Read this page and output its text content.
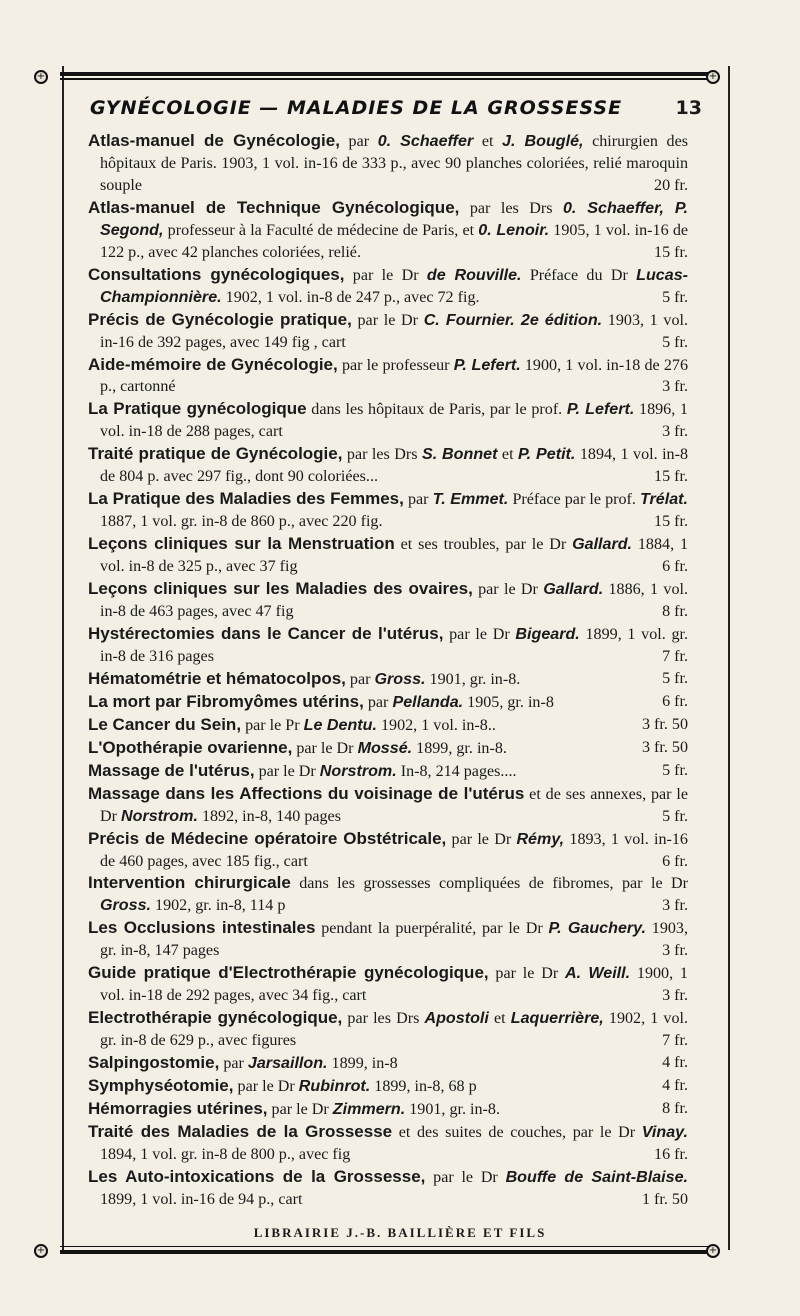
+	+
GYNÉCOLOGIE — MALADIES DE LA GROSSESSE	13

Atlas-manuel de Gynécologie, par 0. Schaeffer et J. Bouglé, chirurgien des hôpitaux de Paris. 1903, 1 vol. in-16 de 333 p., avec 90 planches coloriées, relié maroquin souple	20 fr.

Atlas-manuel de Technique Gynécologique, par les Drs 0. Schaeffer, P. Segond, professeur à la Faculté de médecine de Paris, et 0. Lenoir. 1905, 1 vol. in-16 de 122 p., avec 42 planches coloriées, relié.	15 fr.

Consultations gynécologiques, par le Dr de Rouville. Préface du Dr Lucas-Championnière. 1902, 1 vol. in-8 de 247 p., avec 72 fig.	5 fr.

Précis de Gynécologie pratique, par le Dr C. Fournier. 2e édition. 1903, 1 vol. in-16 de 392 pages, avec 149 fig , cart	5 fr.

Aide-mémoire de Gynécologie, par le professeur P. Lefert. 1900, 1 vol. in-18 de 276 p., cartonné	3 fr.

La Pratique gynécologique dans les hôpitaux de Paris, par le prof. P. Lefert. 1896, 1 vol. in-18 de 288 pages, cart	3 fr.

Traité pratique de Gynécologie, par les Drs S. Bonnet et P. Petit. 1894, 1 vol. in-8 de 804 p. avec 297 fig., dont 90 coloriées...	15 fr.

La Pratique des Maladies des Femmes, par T. Emmet. Préface par le prof. Trélat. 1887, 1 vol. gr. in-8 de 860 p., avec 220 fig.	15 fr.

Leçons cliniques sur la Menstruation et ses troubles, par le Dr Gallard. 1884, 1 vol. in-8 de 325 p., avec 37 fig	6 fr.

Leçons cliniques sur les Maladies des ovaires, par le Dr Gallard. 1886, 1 vol. in-8 de 463 pages, avec 47 fig	8 fr.

Hystérectomies dans le Cancer de l'utérus, par le Dr Bigeard. 1899, 1 vol. gr. in-8 de 316 pages	7 fr.

Hématométrie et hématocolpos, par Gross. 1901, gr. in-8.	5 fr.

La mort par Fibromyômes utérins, par Pellanda. 1905, gr. in-8	6 fr.

Le Cancer du Sein, par le Pr Le Dentu. 1902, 1 vol. in-8..	3 fr. 50

L'Opothérapie ovarienne, par le Dr Mossé. 1899, gr. in-8.	3 fr. 50

Massage de l'utérus, par le Dr Norstrom. In-8, 214 pages....	5 fr.

Massage dans les Affections du voisinage de l'utérus et de ses annexes, par le Dr Norstrom. 1892, in-8, 140 pages	5 fr.

Précis de Médecine opératoire Obstétricale, par le Dr Rémy, 1893, 1 vol. in-16 de 460 pages, avec 185 fig., cart	6 fr.

Intervention chirurgicale dans les grossesses compliquées de fibromes, par le Dr Gross. 1902, gr. in-8, 114 p	3 fr.

Les Occlusions intestinales pendant la puerpéralité, par le Dr P. Gauchery. 1903, gr. in-8, 147 pages	3 fr.

Guide pratique d'Electrothérapie gynécologique, par le Dr A. Weill. 1900, 1 vol. in-18 de 292 pages, avec 34 fig., cart	3 fr.

Electrothérapie gynécologique, par les Drs Apostoli et Laquerrière, 1902, 1 vol. gr. in-8 de 629 p., avec figures	7 fr.

Salpingostomie, par Jarsaillon. 1899, in-8	4 fr.

Symphyséotomie, par le Dr Rubinrot. 1899, in-8, 68 p	4 fr.

Hémorragies utérines, par le Dr Zimmern. 1901, gr. in-8.	8 fr.

Traité des Maladies de la Grossesse et des suites de couches, par le Dr Vinay. 1894, 1 vol. gr. in-8 de 800 p., avec fig	16 fr.

Les Auto-intoxications de la Grossesse, par le Dr Bouffe de Saint-Blaise. 1899, 1 vol. in-16 de 94 p., cart	1 fr. 50

LIBRAIRIE J.-B. BAILLIÈRE ET FILS
+	+
